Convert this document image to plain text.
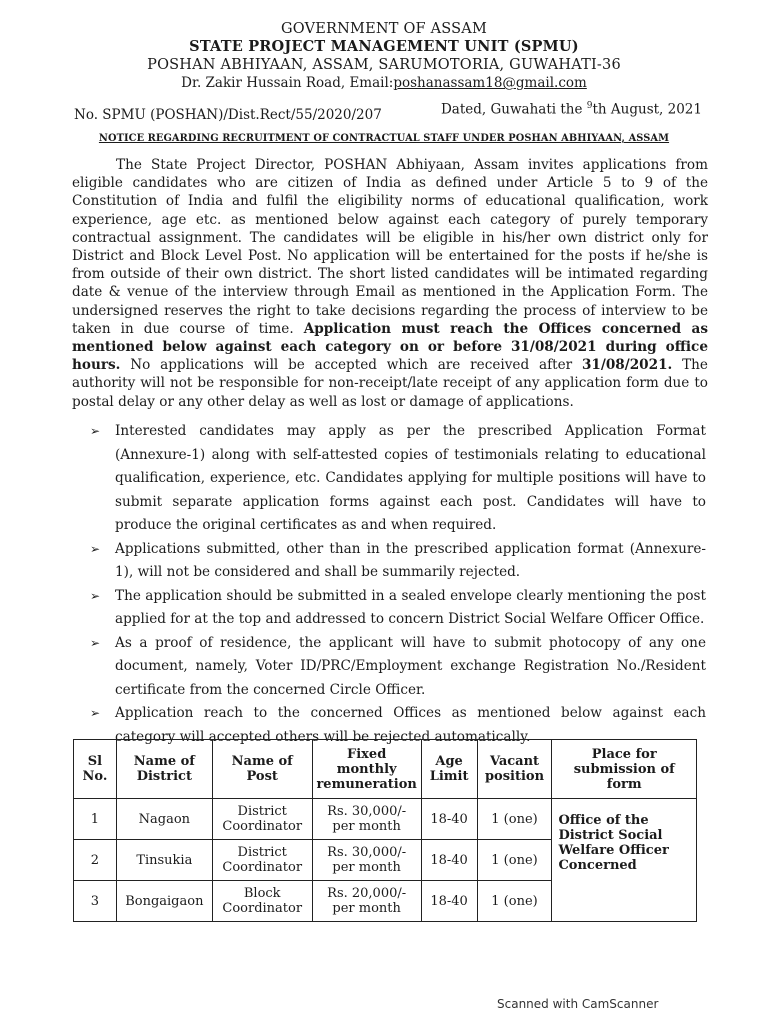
GOVERNMENT OF ASSAM
STATE PROJECT MANAGEMENT UNIT (SPMU)
POSHAN ABHIYAAN, ASSAM, SARUMOTORIA, GUWAHATI-36
Dr. Zakir Hussain Road, Email:poshanassam18@gmail.com
No. SPMU (POSHAN)/Dist.Rect/55/2020/207	Dated, Guwahati the $^9$th August, 2021
NOTICE REGARDING RECRUITMENT OF CONTRACTUAL STAFF UNDER POSHAN ABHIYAAN, ASSAM
The State Project Director, POSHAN Abhiyaan, Assam invites applications from eligible candidates who are citizen of India as defined under Article 5 to 9 of the Constitution of India and fulfil the eligibility norms of educational qualification, work experience, age etc. as mentioned below against each category of purely temporary contractual assignment. The candidates will be eligible in his/her own district only for District and Block Level Post. No application will be entertained for the posts if he/she is from outside of their own district. The short listed candidates will be intimated regarding date & venue of the interview through Email as mentioned in the Application Form. The undersigned reserves the right to take decisions regarding the process of interview to be taken in due course of time. Application must reach the Offices concerned as mentioned below against each category on or before 31/08/2021 during office hours. No applications will be accepted which are received after 31/08/2021. The authority will not be responsible for non-receipt/late receipt of any application form due to postal delay or any other delay as well as lost or damage of applications.
➢ Interested candidates may apply as per the prescribed Application Format (Annexure-1) along with self-attested copies of testimonials relating to educational qualification, experience, etc. Candidates applying for multiple positions will have to submit separate application forms against each post. Candidates will have to produce the original certificates as and when required.
➢ Applications submitted, other than in the prescribed application format (Annexure-1), will not be considered and shall be summarily rejected.
➢ The application should be submitted in a sealed envelope clearly mentioning the post applied for at the top and addressed to concern District Social Welfare Officer Office.
➢ As a proof of residence, the applicant will have to submit photocopy of any one document, namely, Voter ID/PRC/Employment exchange Registration No./Resident certificate from the concerned Circle Officer.
➢ Application reach to the concerned Offices as mentioned below against each category will accepted others will be rejected automatically.
Sl No.	Name of District	Name of Post	Fixed monthly remuneration	Age Limit	Vacant position	Place for submission of form
1	Nagaon	District Coordinator	Rs. 30,000/- per month	18-40	1 (one)	Office of the District Social Welfare Officer Concerned
2	Tinsukia	District Coordinator	Rs. 30,000/- per month	18-40	1 (one)	
3	Bongaigaon	Block Coordinator	Rs. 20,000/- per month	18-40	1 (one)	
Scanned with CamScanner
